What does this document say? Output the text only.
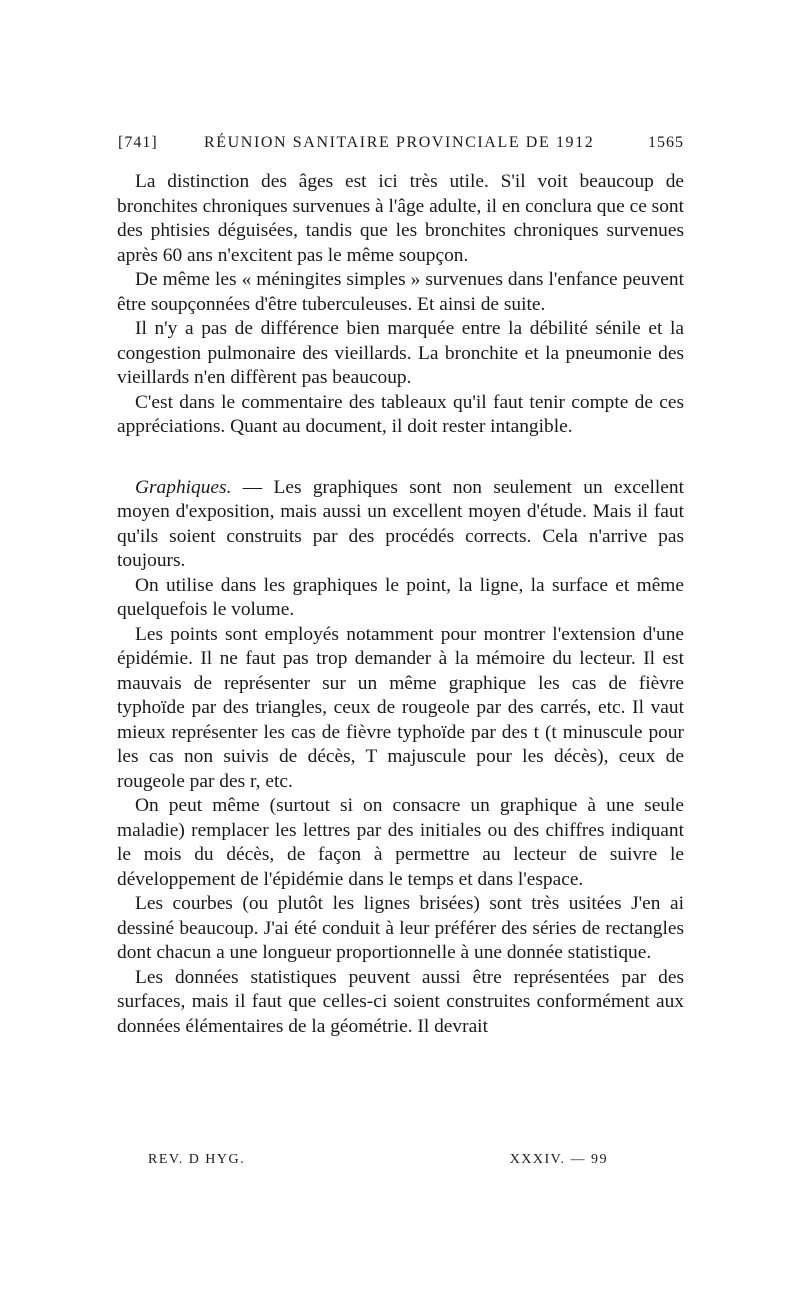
[741]	RÉUNION SANITAIRE PROVINCIALE DE 1912	1565

La distinction des âges est ici très utile. S'il voit beaucoup de bronchites chroniques survenues à l'âge adulte, il en conclura que ce sont des phtisies déguisées, tandis que les bronchites chroniques survenues après 60 ans n'excitent pas le même soupçon.

De même les « méningites simples » survenues dans l'enfance peuvent être soupçonnées d'être tuberculeuses. Et ainsi de suite.

Il n'y a pas de différence bien marquée entre la débilité sénile et la congestion pulmonaire des vieillards. La bronchite et la pneumonie des vieillards n'en diffèrent pas beaucoup.

C'est dans le commentaire des tableaux qu'il faut tenir compte de ces appréciations. Quant au document, il doit rester intangible.

Graphiques. — Les graphiques sont non seulement un excellent moyen d'exposition, mais aussi un excellent moyen d'étude. Mais il faut qu'ils soient construits par des procédés corrects. Cela n'arrive pas toujours.

On utilise dans les graphiques le point, la ligne, la surface et même quelquefois le volume.

Les points sont employés notamment pour montrer l'extension d'une épidémie. Il ne faut pas trop demander à la mémoire du lecteur. Il est mauvais de représenter sur un même graphique les cas de fièvre typhoïde par des triangles, ceux de rougeole par des carrés, etc. Il vaut mieux représenter les cas de fièvre typhoïde par des t (t minuscule pour les cas non suivis de décès, T majuscule pour les décès), ceux de rougeole par des r, etc.

On peut même (surtout si on consacre un graphique à une seule maladie) remplacer les lettres par des initiales ou des chiffres indiquant le mois du décès, de façon à permettre au lecteur de suivre le développement de l'épidémie dans le temps et dans l'espace.

Les courbes (ou plutôt les lignes brisées) sont très usitées J'en ai dessiné beaucoup. J'ai été conduit à leur préférer des séries de rectangles dont chacun a une longueur proportionnelle à une donnée statistique.

Les données statistiques peuvent aussi être représentées par des surfaces, mais il faut que celles-ci soient construites conformément aux données élémentaires de la géométrie. Il devrait

REV. D HYG.	XXXIV. — 99
